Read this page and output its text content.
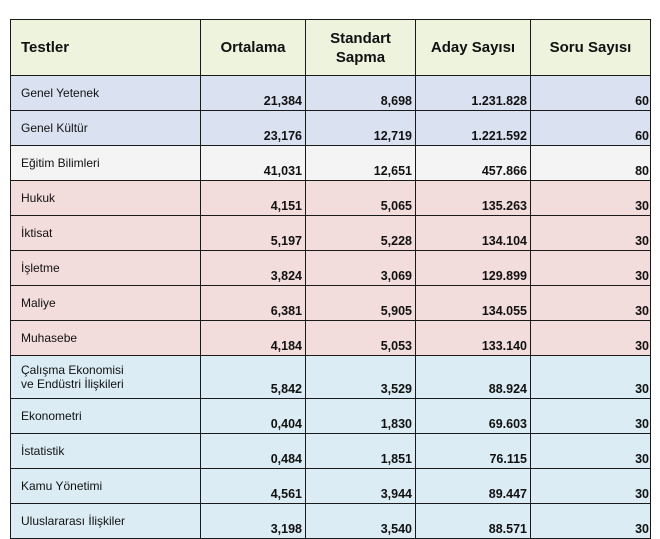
Testler	Ortalama	Standart Sapma	Aday Sayısı	Soru Sayısı
Genel Yetenek	21,384	8,698	1.231.828	60
Genel Kültür	23,176	12,719	1.221.592	60
Eğitim Bilimleri	41,031	12,651	457.866	80
Hukuk	4,151	5,065	135.263	30
İktisat	5,197	5,228	134.104	30
İşletme	3,824	3,069	129.899	30
Maliye	6,381	5,905	134.055	30
Muhasebe	4,184	5,053	133.140	30
Çalışma Ekonomisi
ve Endüstri İlişkileri	5,842	3,529	88.924	30
Ekonometri	0,404	1,830	69.603	30
İstatistik	0,484	1,851	76.115	30
Kamu Yönetimi	4,561	3,944	89.447	30
Uluslararası İlişkiler	3,198	3,540	88.571	30
